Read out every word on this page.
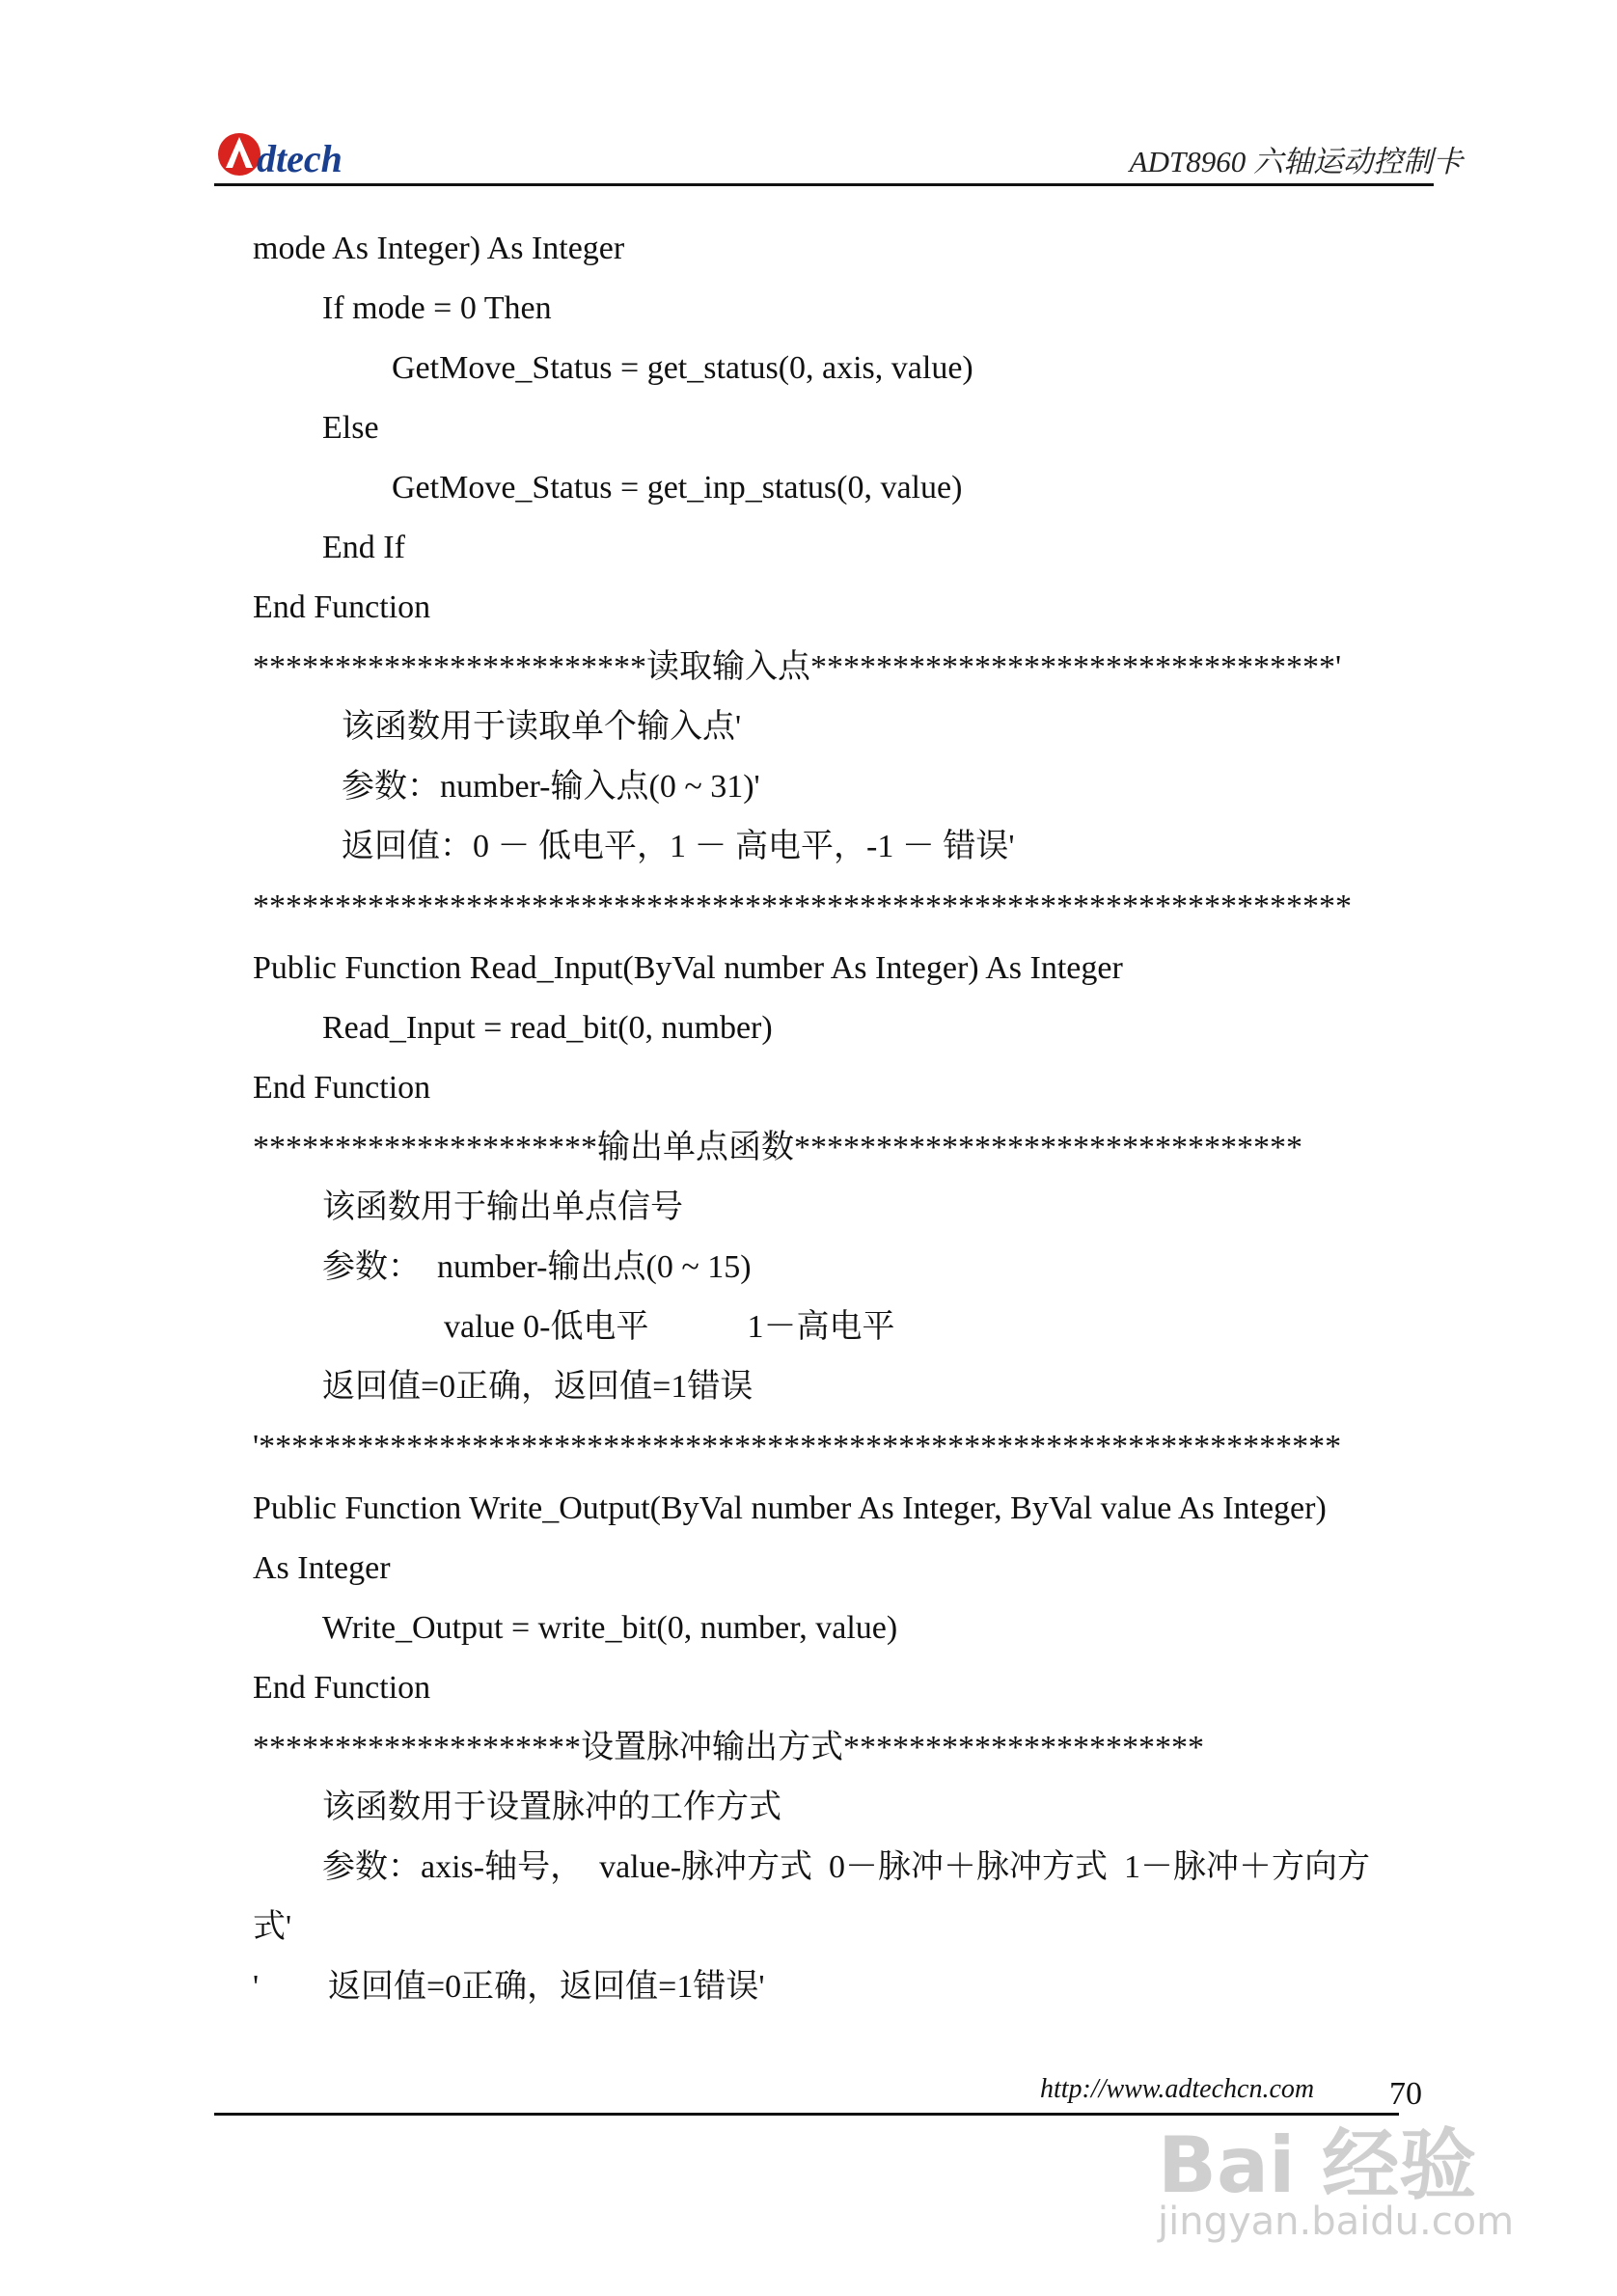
dtech	ADT8960 六轴运动控制卡
mode As Integer) As Integer
If mode = 0 Then
GetMove_Status = get_status(0, axis, value)
Else
GetMove_Status = get_inp_status(0, value)
End If
End Function
************************读取输入点********************************'
该函数用于读取单个输入点'
参数：number-输入点(0 ~ 31)'
返回值：0 － 低电平，1 － 高电平，-1 － 错误'
*******************************************************************
Public Function Read_Input(ByVal number As Integer) As Integer
Read_Input = read_bit(0, number)
End Function
*********************输出单点函数*******************************
该函数用于输出单点信号
参数：  number-输出点(0 ~ 15)
value 0-低电平            1－高电平
返回值=0正确，返回值=1错误
'******************************************************************
Public Function Write_Output(ByVal number As Integer, ByVal value As Integer)
As Integer
Write_Output = write_bit(0, number, value)
End Function
********************设置脉冲输出方式**********************
该函数用于设置脉冲的工作方式
参数：axis-轴号，  value-脉冲方式  0－脉冲＋脉冲方式  1－脉冲＋方向方
式'
' 返回值=0正确，返回值=1错误'
http://www.adtechcn.com 70
Bai 经验
jingyan.baidu.com
